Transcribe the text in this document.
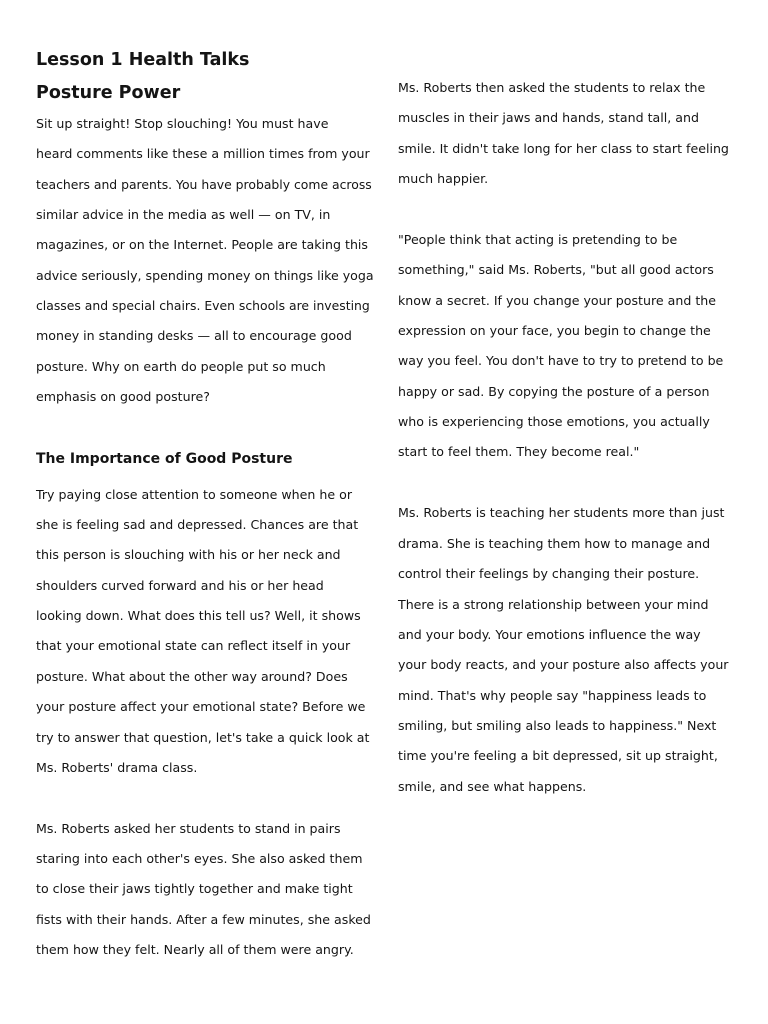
Lesson 1 Health Talks
Posture Power
Sit up straight! Stop slouching! You must have
heard comments like these a million times from your
teachers and parents. You have probably come across
similar advice in the media as well — on TV, in
magazines, or on the Internet. People are taking this
advice seriously, spending money on things like yoga
classes and special chairs. Even schools are investing
money in standing desks — all to encourage good
posture. Why on earth do people put so much
emphasis on good posture?
The Importance of Good Posture
Try paying close attention to someone when he or
she is feeling sad and depressed. Chances are that
this person is slouching with his or her neck and
shoulders curved forward and his or her head
looking down. What does this tell us? Well, it shows
that your emotional state can reflect itself in your
posture. What about the other way around? Does
your posture affect your emotional state? Before we
try to answer that question, let's take a quick look at
Ms. Roberts' drama class.
Ms. Roberts asked her students to stand in pairs
staring into each other's eyes. She also asked them
to close their jaws tightly together and make tight
fists with their hands. After a few minutes, she asked
them how they felt. Nearly all of them were angry.
Ms. Roberts then asked the students to relax the
muscles in their jaws and hands, stand tall, and
smile. It didn't take long for her class to start feeling
much happier.
"People think that acting is pretending to be
something," said Ms. Roberts, "but all good actors
know a secret. If you change your posture and the
expression on your face, you begin to change the
way you feel. You don't have to try to pretend to be
happy or sad. By copying the posture of a person
who is experiencing those emotions, you actually
start to feel them. They become real."
Ms. Roberts is teaching her students more than just
drama. She is teaching them how to manage and
control their feelings by changing their posture.
There is a strong relationship between your mind
and your body. Your emotions influence the way
your body reacts, and your posture also affects your
mind. That's why people say "happiness leads to
smiling, but smiling also leads to happiness." Next
time you're feeling a bit depressed, sit up straight,
smile, and see what happens.
